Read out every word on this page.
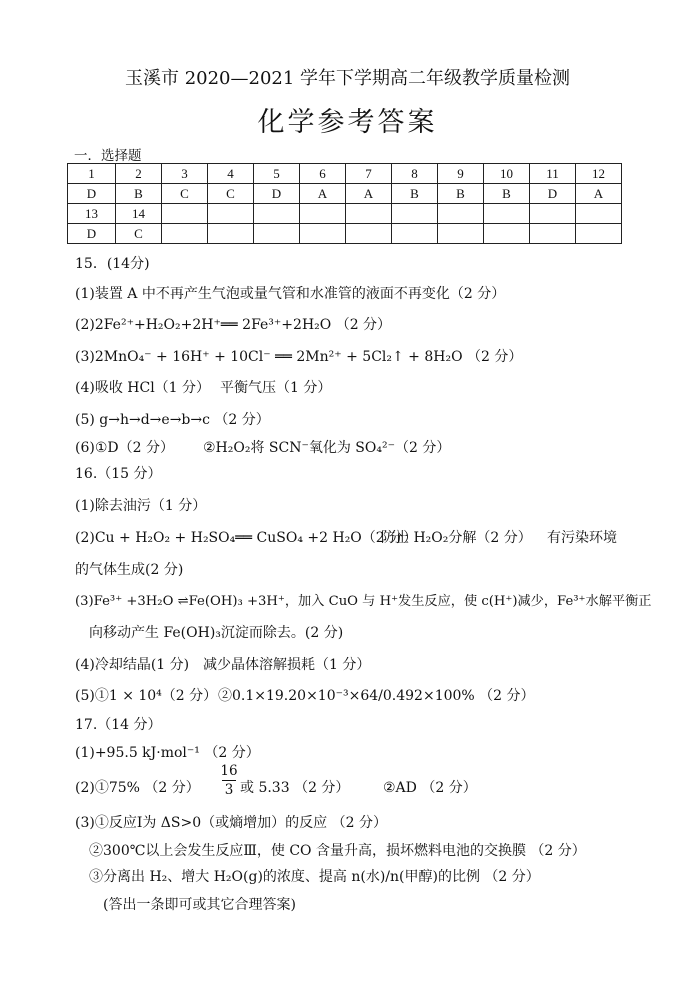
玉溪市 2020—2021 学年下学期高二年级教学质量检测
化学参考答案
一．选择题
1	2	3	4	5	6	7	8	9	10	11	12
D	B	C	C	D	A	A	B	B	B	D	A
13	14										
D	C										
15．(14分)
(1)装置 A 中不再产生气泡或量气管和水准管的液面不再变化（2 分）
(2)2Fe²⁺+H₂O₂+2H⁺══ 2Fe³⁺+2H₂O （2 分）
(3)2MnO₄⁻ + 16H⁺ + 10Cl⁻ ══ 2Mn²⁺ + 5Cl₂↑ + 8H₂O （2 分）
(4)吸收 HCl（1 分） 平衡气压（1 分）
(5) g→h→d→e→b→c （2 分）
(6)①D（2 分） ②H₂O₂将 SCN⁻氧化为 SO₄²⁻（2 分）
16.（15 分）
(1)除去油污（1 分）
(2)Cu + H₂O₂ + H₂SO₄══ CuSO₄ +2 H₂O（2 分）
防止 H₂O₂分解（2 分） 有污染环境
的气体生成(2 分)
(3)Fe³⁺ +3H₂O ⇌Fe(OH)₃ +3H⁺，加入 CuO 与 H⁺发生反应，使 c(H⁺)减少，Fe³⁺水解平衡正
向移动产生 Fe(OH)₃沉淀而除去。(2 分)
(4)冷却结晶(1 分) 减少晶体溶解损耗（1 分）
(5)①1 × 10⁴（2 分） ②0.1×19.20×10⁻³×64/0.492×100% （2 分）
17.（14 分）
(1)+95.5 kJ·mol⁻¹ （2 分）
(2)①75% （2 分）
16
3 或 5.33 （2 分） ②AD （2 分）
(3)①反应Ⅰ为 ΔS>0（或熵增加）的反应 （2 分）
②300℃以上会发生反应Ⅲ，使 CO 含量升高，损坏燃料电池的交换膜 （2 分）
③分离出 H₂、增大 H₂O(g)的浓度、提高 n(水)/n(甲醇)的比例 （2 分）
(答出一条即可或其它合理答案)
